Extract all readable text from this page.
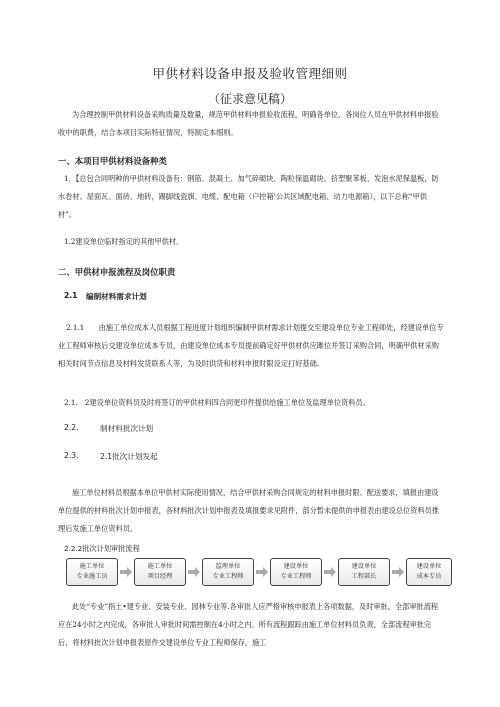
甲供材料设备申报及验收管理细则
（征求意见稿）
为合理控制甲供材料设备采购质量及数量，规范甲供材料申报验收流程，明确各单位、各岗位人员在甲供材料申报验收中的职费，结合本项目实际特征情况，特制定本细则。
一、本项目甲供材料设备种类
1．【总包合同明种的甲供材料设备有：钢筋、混凝土、加气碎砌块、陶粒保温砌块、挤塑聚苯板、发泡水泥保温板，防水卷材、屋面瓦、面砖、地砖，踢脚线瓷旗、电缆、配电箱（户控箱’公共区域配电箱、动力电源箱），以下总称“甲供材”。
1.2建设单位临时指定的其他甲供材。
二、甲供材申报流程及岗位职责
2.1 编制材料需求计划
2.1.1　　由施工单位成本人员根据工程进度计划组织编制甲供材需求计划提交至建设单位专业工程师处，经建设单位专业工程师审核后交建设单位成本专员，由建设单位成本专员提前确定好甲供材供应雎位并签订采购合同，明确甲供材采购相关时间节点信息及材料发货联系人等，为及时供货和材料申报时限设定打好基础.
2.1.　2建设单位资料员及时将签订的甲供材料四合同更印件提供给施工单位及监理单位资料员。
2.2.	制材料批次计划
2.3.	2.1批次计划发起
施工单位材料员根据本单位甲供材实际使用情况，结合甲供材采购合同规定的材料申报时限、配送要求，填报由建设单位提供的材料批次计划申报表，各材料批次计划申报表及填报要求见附件，部分暂未提供的申报表由建设总位资料员推理后发施工单位资料员。
2.2.2批次计划审批流程
施工单位
专业施工员
施工单位
项目经理
监理单位
专业工程师
建设单位
专业工程师
建设单位
工程部长
建设单位
成本专员
此处“专业”指土•建专业、安装专业、园林专业等.各审批人应严格审核申报表上各项数据，及时审批，全部审批流程应在24小时之内完成，各审批人审批时间需控制在4小时之内。所有流程跟踪由施工单位材料员负责，全部流程审批完后，将材料批次计划申报表原件交建设单位专业工程师保存，施工
